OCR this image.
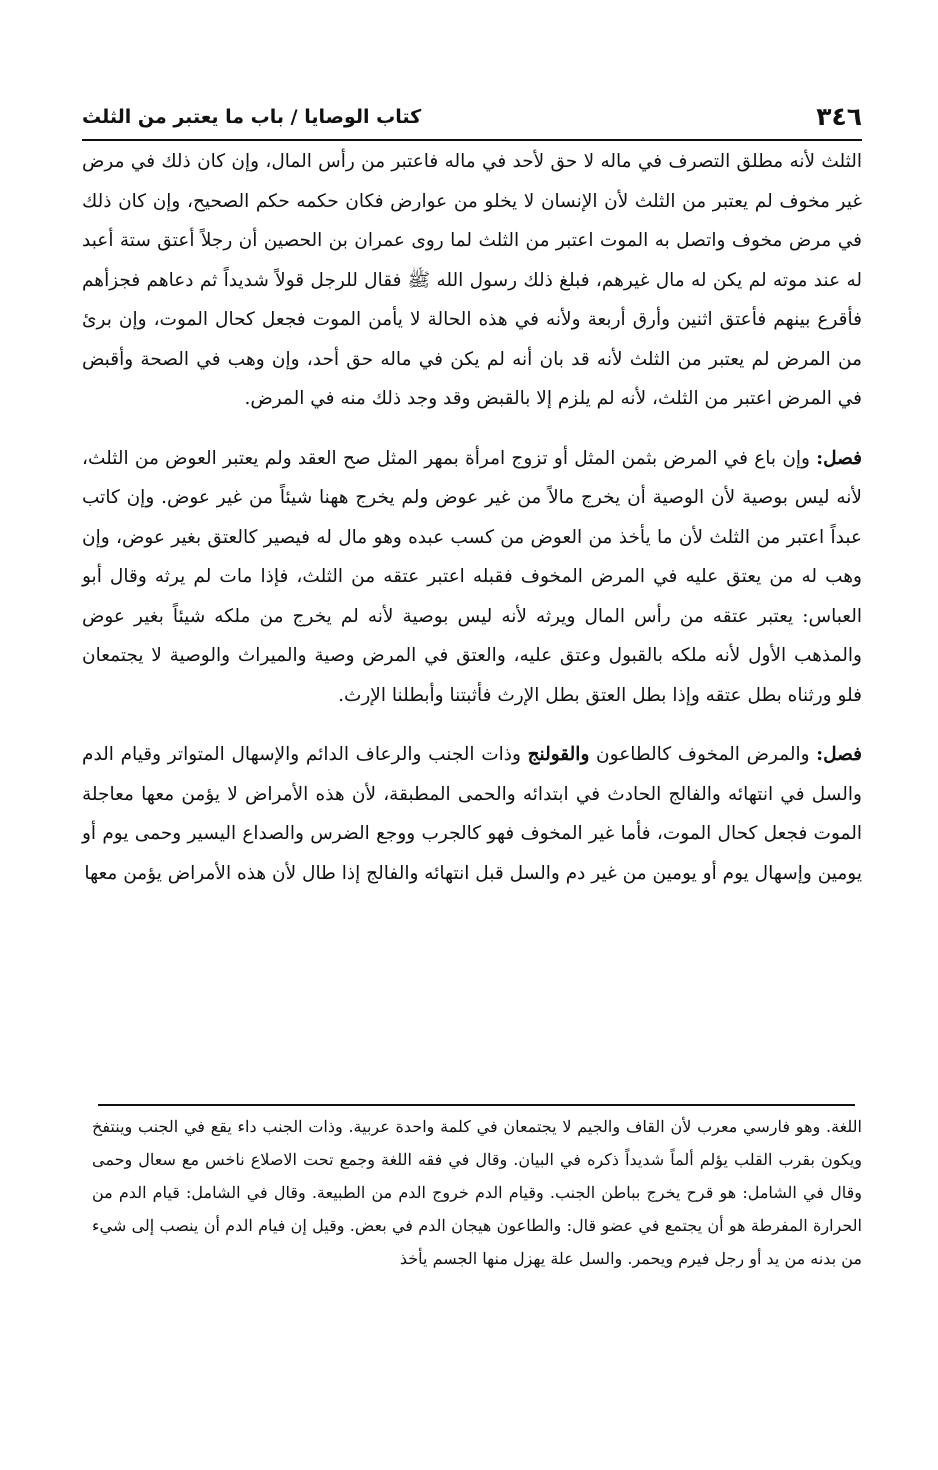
٣٤٦
كتاب الوصايا / باب ما يعتبر من الثلث

الثلث لأنه مطلق التصرف في ماله لا حق لأحد في ماله فاعتبر من رأس المال، وإن كان ذلك في مرض غير مخوف لم يعتبر من الثلث لأن الإنسان لا يخلو من عوارض فكان حكمه حكم الصحيح، وإن كان ذلك في مرض مخوف واتصل به الموت اعتبر من الثلث لما روى عمران بن الحصين أن رجلاً أعتق ستة أعبد له عند موته لم يكن له مال غيرهم، فبلغ ذلك رسول الله ﷺ فقال للرجل قولاً شديداً ثم دعاهم فجزأهم فأقرع بينهم فأعتق اثنين وأرق أربعة ولأنه في هذه الحالة لا يأمن الموت فجعل كحال الموت، وإن برئ من المرض لم يعتبر من الثلث لأنه قد بان أنه لم يكن في ماله حق أحد، وإن وهب في الصحة وأقبض في المرض اعتبر من الثلث، لأنه لم يلزم إلا بالقبض وقد وجد ذلك منه في المرض.

فصل: وإن باع في المرض بثمن المثل أو تزوج امرأة بمهر المثل صح العقد ولم يعتبر العوض من الثلث، لأنه ليس بوصية لأن الوصية أن يخرج مالاً من غير عوض ولم يخرج ههنا شيئاً من غير عوض. وإن كاتب عبداً اعتبر من الثلث لأن ما يأخذ من العوض من كسب عبده وهو مال له فيصير كالعتق بغير عوض، وإن وهب له من يعتق عليه في المرض المخوف فقبله اعتبر عتقه من الثلث، فإذا مات لم يرثه وقال أبو العباس: يعتبر عتقه من رأس المال ويرثه لأنه ليس بوصية لأنه لم يخرج من ملكه شيئاً بغير عوض والمذهب الأول لأنه ملكه بالقبول وعتق عليه، والعتق في المرض وصية والميراث والوصية لا يجتمعان فلو ورثناه بطل عتقه وإذا بطل العتق بطل الإرث فأثبتنا وأبطلنا الإرث.

فصل: والمرض المخوف كالطاعون والقولنج وذات الجنب والرعاف الدائم والإسهال المتواتر وقيام الدم والسل في انتهائه والفالج الحادث في ابتدائه والحمى المطبقة، لأن هذه الأمراض لا يؤمن معها معاجلة الموت فجعل كحال الموت، فأما غير المخوف فهو كالجرب ووجع الضرس والصداع اليسير وحمى يوم أو يومين وإسهال يوم أو يومين من غير دم والسل قبل انتهائه والفالج إذا طال لأن هذه الأمراض يؤمن معها

اللغة. وهو فارسي معرب لأن القاف والجيم لا يجتمعان في كلمة واحدة عربية. وذات الجنب داء يقع في الجنب وينتفخ ويكون بقرب القلب يؤلم ألماً شديداً ذكره في البيان. وقال في فقه اللغة وجمع تحت الاصلاع ناخس مع سعال وحمى وقال في الشامل: هو قرح يخرج بباطن الجنب. وقيام الدم خروج الدم من الطبيعة. وقال في الشامل: قيام الدم من الحرارة المفرطة هو أن يجتمع في عضو قال: والطاعون هيجان الدم في بعض. وقيل إن فيام الدم أن ينصب إلى شيء من بدنه من يد أو رجل فيرم ويحمر. والسل علة يهزل منها الجسم يأخذ
